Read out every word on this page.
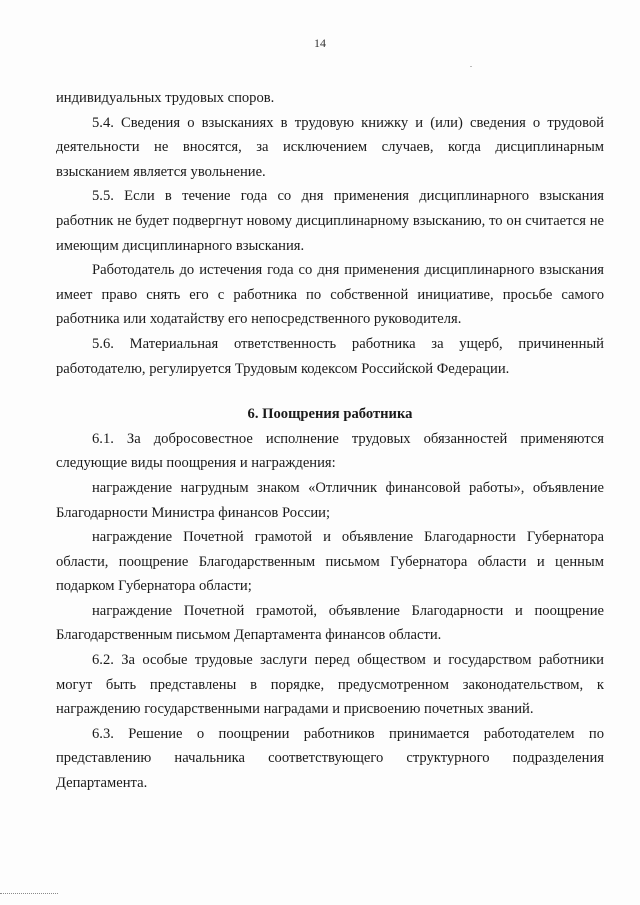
14

индивидуальных трудовых споров.

5.4. Сведения о взысканиях в трудовую книжку и (или) сведения о трудовой деятельности не вносятся, за исключением случаев, когда дисциплинарным взысканием является увольнение.

5.5. Если в течение года со дня применения дисциплинарного взыскания работник не будет подвергнут новому дисциплинарному взысканию, то он считается не имеющим дисциплинарного взыскания.

Работодатель до истечения года со дня применения дисциплинарного взыскания имеет право снять его с работника по собственной инициативе, просьбе самого работника или ходатайству его непосредственного руководителя.

5.6. Материальная ответственность работника за ущерб, причиненный работодателю, регулируется Трудовым кодексом Российской Федерации.

6. Поощрения работника

6.1. За добросовестное исполнение трудовых обязанностей применяются следующие виды поощрения и награждения:

награждение нагрудным знаком «Отличник финансовой работы», объявление Благодарности Министра финансов России;

награждение Почетной грамотой и объявление Благодарности Губернатора области, поощрение Благодарственным письмом Губернатора области и ценным подарком Губернатора области;

награждение Почетной грамотой, объявление Благодарности и поощрение Благодарственным письмом Департамента финансов области.

6.2. За особые трудовые заслуги перед обществом и государством работники могут быть представлены в порядке, предусмотренном законодательством, к награждению государственными наградами и присвоению почетных званий.

6.3. Решение о поощрении работников принимается работодателем по представлению начальника соответствующего структурного подразделения Департамента.
